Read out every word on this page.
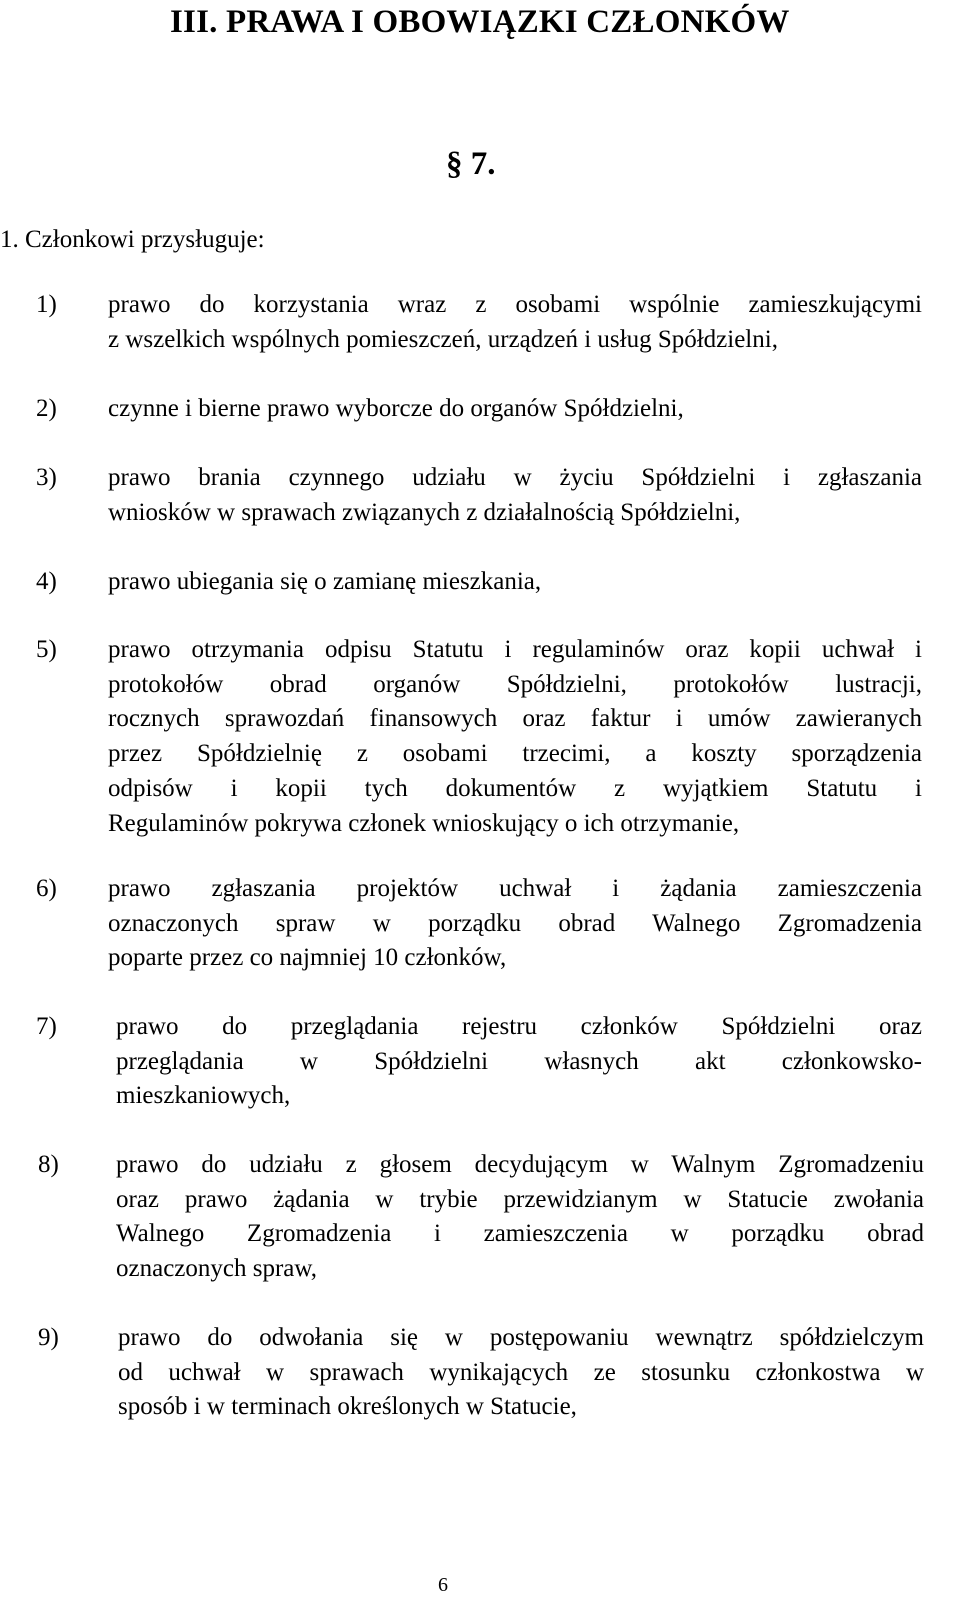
III. PRAWA I OBOWIĄZKI CZŁONKÓW
§ 7.
1. Członkowi przysługuje:
1) prawo do korzystania wraz z osobami wspólnie zamieszkującymi
z wszelkich wspólnych pomieszczeń, urządzeń i usług Spółdzielni,
2) czynne i bierne prawo wyborcze do organów Spółdzielni,
3) prawo brania czynnego udziału w życiu Spółdzielni i zgłaszania
wniosków w sprawach związanych z działalnością Spółdzielni,
4) prawo ubiegania się o zamianę mieszkania,
5) prawo otrzymania odpisu Statutu i regulaminów oraz kopii uchwał i
protokołów obrad organów Spółdzielni, protokołów lustracji,
rocznych sprawozdań finansowych oraz faktur i umów zawieranych
przez Spółdzielnię z osobami trzecimi, a koszty sporządzenia
odpisów i kopii tych dokumentów z wyjątkiem Statutu i
Regulaminów pokrywa członek wnioskujący o ich otrzymanie,
6) prawo zgłaszania projektów uchwał i żądania zamieszczenia
oznaczonych spraw w porządku obrad Walnego Zgromadzenia
poparte przez co najmniej 10 członków,
7) prawo do przeglądania rejestru członków Spółdzielni oraz
przeglądania w Spółdzielni własnych akt członkowsko-
mieszkaniowych,
8) prawo do udziału z głosem decydującym w Walnym Zgromadzeniu
oraz prawo żądania w trybie przewidzianym w Statucie zwołania
Walnego Zgromadzenia i zamieszczenia w porządku obrad
oznaczonych spraw,
9) prawo do odwołania się w postępowaniu wewnątrz spółdzielczym
od uchwał w sprawach wynikających ze stosunku członkostwa w
sposób i w terminach określonych w Statucie,
6
